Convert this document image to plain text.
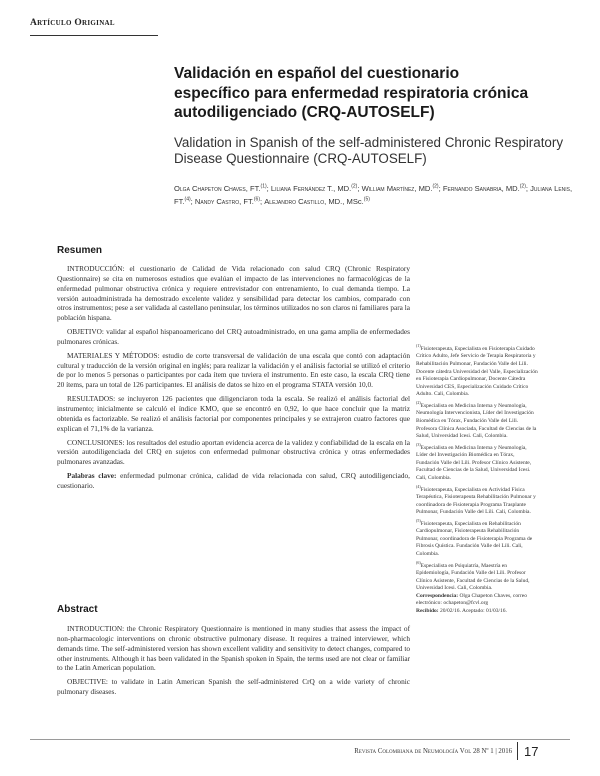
Artículo Original
Validación en español del cuestionario específico para enfermedad respiratoria crónica autodiligenciado (CRQ-AUTOSELF)
Validation in Spanish of the self-administered Chronic Respiratory Disease Questionnaire (CRQ-AUTOSELF)
Olga Chapeton Chaves, FT.$^{(1)}$; Liliana Fernández T., MD.$^{(2)}$; William Martínez, MD.$^{(2)}$; Fernando Sanabria, MD.$^{(2)}$; Juliana Lenis, FT.$^{(4)}$; Nandy Castro, FT.$^{(6)}$; Alejandro Castillo, MD., MSc.$^{(5)}$
Resumen

INTRODUCCIÓN: el cuestionario de Calidad de Vida relacionado con salud CRQ (Chronic Respiratory Questionnaire) se cita en numerosos estudios que evalúan el impacto de las intervenciones no farmacológicas de la enfermedad pulmonar obstructiva crónica y requiere entrevistador con entrenamiento, lo cual demanda tiempo. La versión autoadministrada ha demostrado excelente validez y sensibilidad para detectar los cambios, comparado con otros instrumentos; pese a ser validada al castellano peninsular, los términos utilizados no son claros ni familiares para la población hispana.

OBJETIVO: validar al español hispanoamericano del CRQ autoadministrado, en una gama amplia de enfermedades pulmonares crónicas.

MATERIALES Y MÉTODOS: estudio de corte transversal de validación de una escala que contó con adaptación cultural y traducción de la versión original en inglés; para realizar la validación y el análisis factorial se utilizó el criterio de por lo menos 5 personas o participantes por cada ítem que tuviera el instrumento. En este caso, la escala CRQ tiene 20 ítems, para un total de 126 participantes. El análisis de datos se hizo en el programa STATA versión 10,0.

RESULTADOS: se incluyeron 126 pacientes que diligenciaron toda la escala. Se realizó el análisis factorial del instrumento; inicialmente se calculó el índice KMO, que se encontró en 0,92, lo que hace concluir que la matriz obtenida es factorizable. Se realizó el análisis factorial por componentes principales y se extrajeron cuatro factores que explican el 71,1% de la varianza.

CONCLUSIONES: los resultados del estudio aportan evidencia acerca de la validez y confiabilidad de la escala en la versión autodiligenciada del CRQ en sujetos con enfermedad pulmonar obstructiva crónica y otras enfermedades pulmonares avanzadas.

Palabras clave: enfermedad pulmonar crónica, calidad de vida relacionada con salud, CRQ autodiligenciado, cuestionario.

Abstract

INTRODUCTION: the Chronic Respiratory Questionnaire is mentioned in many studies that assess the impact of non-pharmacologic interventions on chronic obstructive pulmonary disease. It requires a trained interviewer, which demands time. The self-administered version has shown excellent validity and sensitivity to detect changes, compared to other instruments. Although it has been validated in the Spanish spoken in Spain, the terms used are not clear or familiar to the Latin American population.

OBJECTIVE: to validate in Latin American Spanish the self-administered CrQ on a wide variety of chronic pulmonary diseases.

$^{(1)}$Fisioterapeuta, Especialista en Fisioterapia Cuidado Crítico Adulto, Jefe Servicio de Terapia Respiratoria y Rehabilitación Pulmonar, Fundación Valle del Lili. Docente cátedra Universidad del Valle, Especialización en Fisioterapia Cardiopulmonar, Docente Cátedra Universidad CES, Especialización Cuidado Crítico Adulto. Cali, Colombia.

$^{(2)}$Especialista en Medicina Interna y Neumología, Neumología Intervencionista, Líder del Investigación Biomédica en Tórax, Fundación Valle del Lili. Profesora Clínica Asociada, Facultad de Ciencias de la Salud, Universidad Icesi. Cali, Colombia.

$^{(3)}$Especialista en Medicina Interna y Neumología, Líder del Investigación Biomédica en Tórax, Fundación Valle del Lili. Profesor Clínico Asistente, Facultad de Ciencias de la Salud, Universidad Icesi. Cali, Colombia.

$^{(4)}$Fisioterapeuta, Especialista en Actividad Física Terapéutica, Fisioterapeuta Rehabilitación Pulmonar y coordinadora de Fisioterapia Programa Trasplante Pulmonar, Fundación Valle del Lili. Cali, Colombia.

$^{(5)}$Fisioterapeuta, Especialista en Rehabilitación Cardiopulmonar, Fisioterapeuta Rehabilitación Pulmonar, coordinadora de Fisioterapia Programa de Fibrosis Quística. Fundación Valle del Lili. Cali, Colombia.

$^{(6)}$Especialista en Psiquiatría, Maestría en Epidemiología, Fundación Valle del Lili. Profesor Clínico Asistente, Facultad de Ciencias de la Salud, Universidad Icesi. Cali, Colombia.

Correspondencia: Olga Chapeton Chaves, correo electrónico: ochapeton@fcvl.org

Recibido: 20/02/16. Aceptado: 01/03/16.

Revista Colombiana de Neumología Vol 28 Nº 1 | 2016 17
